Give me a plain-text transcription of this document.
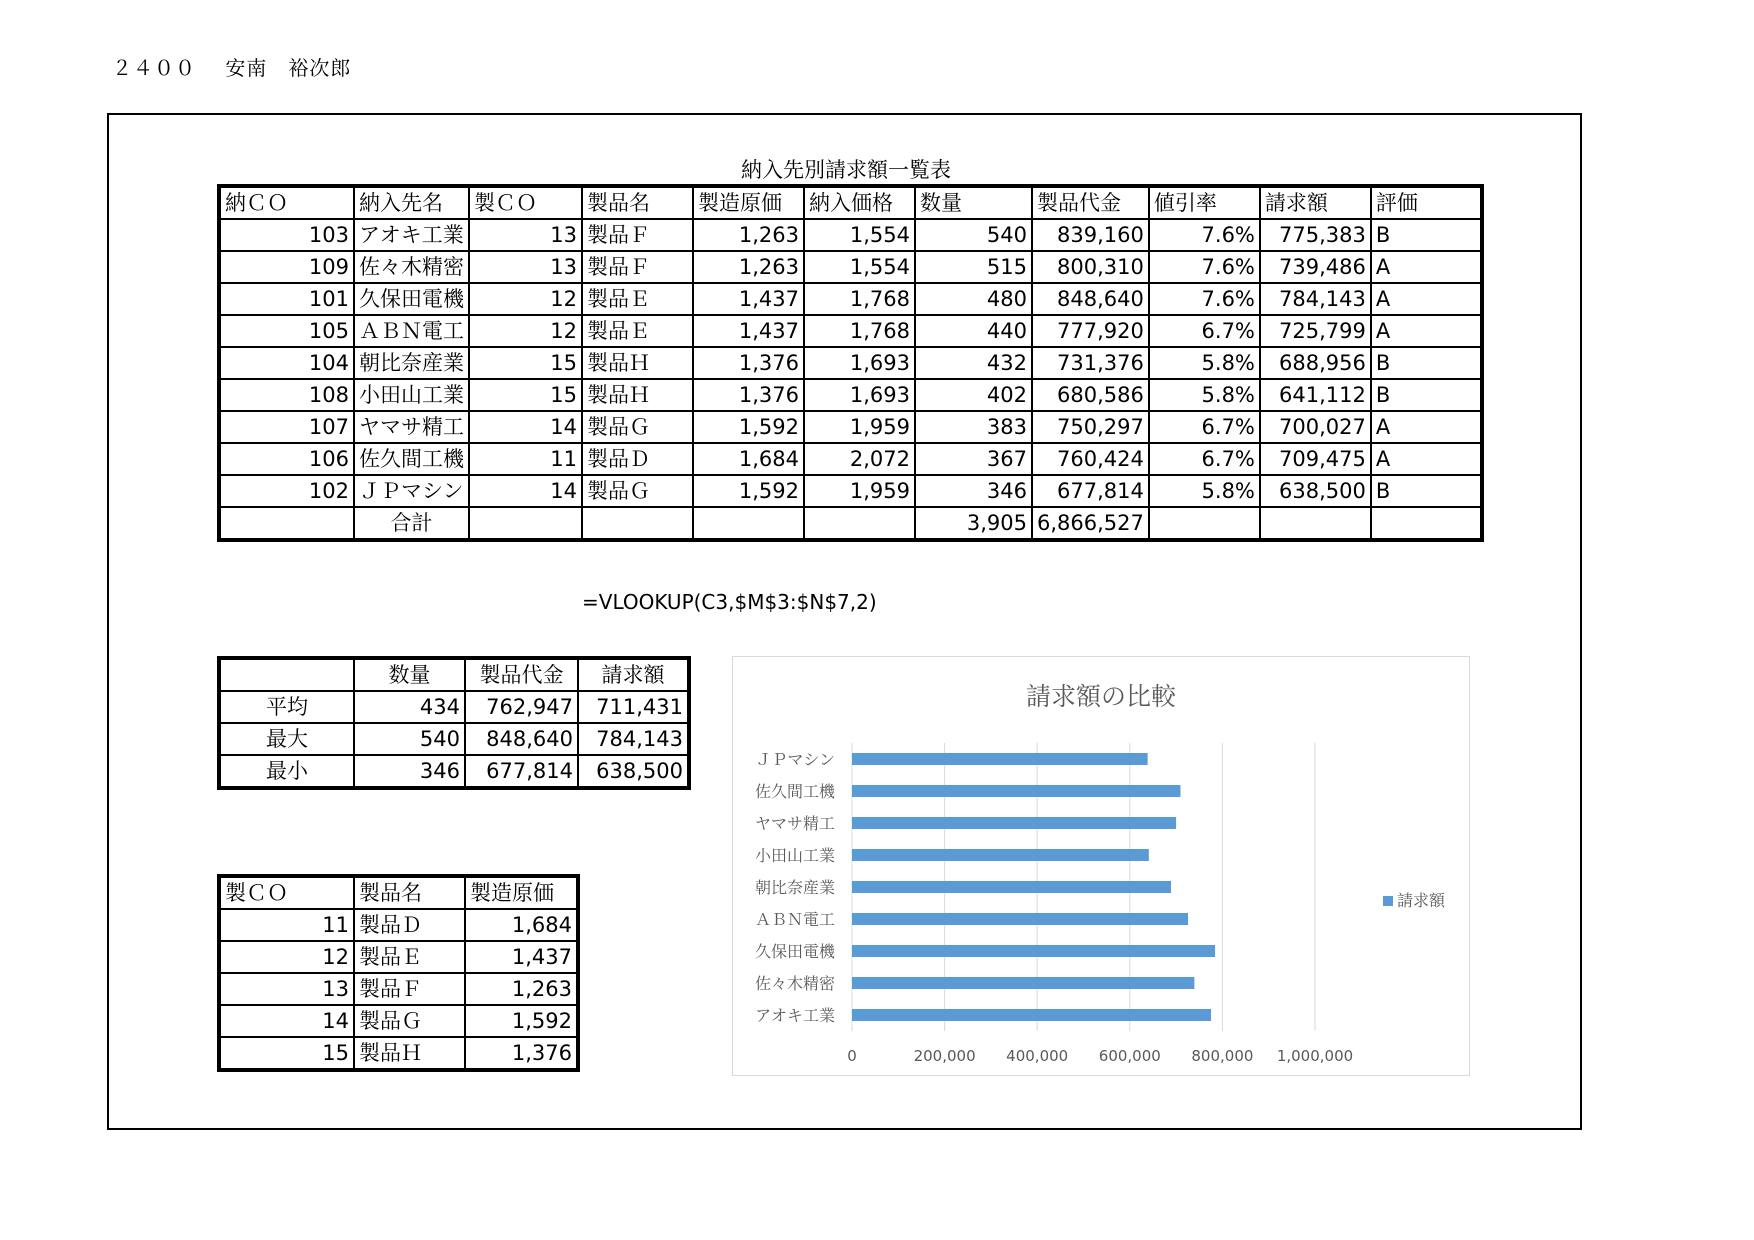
２４００ 安南　裕次郎
納入先別請求額一覧表
納ＣＯ	納入先名	製ＣＯ	製品名	製造原価	納入価格	数量	製品代金	値引率	請求額	評価
103	アオキ工業	13	製品Ｆ	1,263	1,554	540	839,160	7.6%	775,383	B
109	佐々木精密	13	製品Ｆ	1,263	1,554	515	800,310	7.6%	739,486	A
101	久保田電機	12	製品Ｅ	1,437	1,768	480	848,640	7.6%	784,143	A
105	ＡＢＮ電工	12	製品Ｅ	1,437	1,768	440	777,920	6.7%	725,799	A
104	朝比奈産業	15	製品Ｈ	1,376	1,693	432	731,376	5.8%	688,956	B
108	小田山工業	15	製品Ｈ	1,376	1,693	402	680,586	5.8%	641,112	B
107	ヤマサ精工	14	製品Ｇ	1,592	1,959	383	750,297	6.7%	700,027	A
106	佐久間工機	11	製品Ｄ	1,684	2,072	367	760,424	6.7%	709,475	A
102	ＪＰマシン	14	製品Ｇ	1,592	1,959	346	677,814	5.8%	638,500	B
	合計					3,905	6,866,527			
=VLOOKUP(C3,$M$3:$N$7,2)
	数量	製品代金	請求額
平均	434	762,947	711,431
最大	540	848,640	784,143
最小	346	677,814	638,500
製ＣＯ	製品名	製造原価
11	製品Ｄ	1,684
12	製品Ｅ	1,437
13	製品Ｆ	1,263
14	製品Ｇ	1,592
15	製品Ｈ	1,376
請求額の比較
0	200,000 400,000 600,000 800,000 1,000,000
アオキ工業
佐々木精密
久保田電機
ＡＢＮ電工
朝比奈産業
小田山工業
ヤマサ精工
佐久間工機
ＪＰマシン
請求額
